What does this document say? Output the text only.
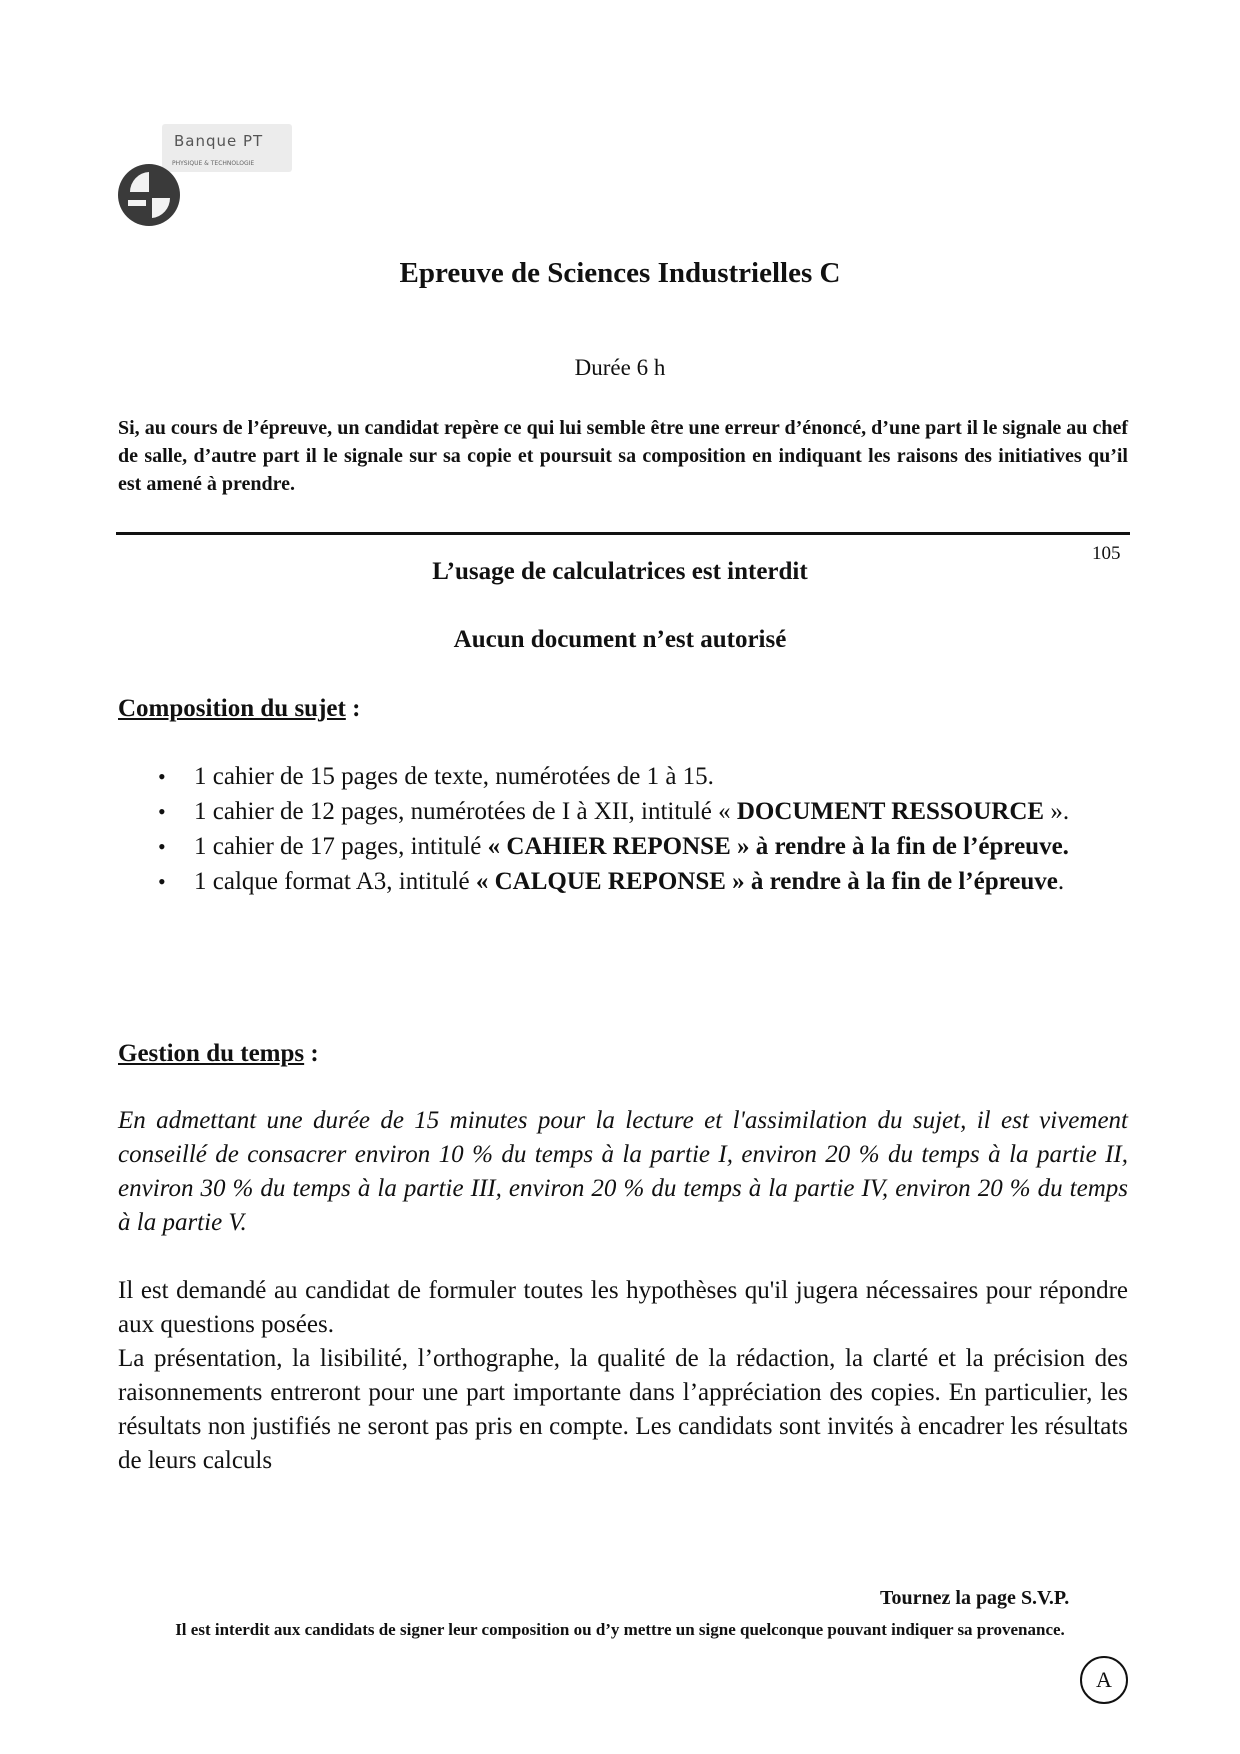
Banque PT
PHYSIQUE & TECHNOLOGIE
Epreuve de Sciences Industrielles C
Durée 6 h
Si, au cours de l’épreuve, un candidat repère ce qui lui semble être une erreur d’énoncé, d’une part il le signale au chef de salle, d’autre part il le signale sur sa copie et poursuit sa composition en indiquant les raisons des initiatives qu’il est amené à prendre.
105
L’usage de calculatrices est interdit
Aucun document n’est autorisé
Composition du sujet :
• 1 cahier de 15 pages de texte, numérotées de 1 à 15.
• 1 cahier de 12 pages, numérotées de I à XII, intitulé « DOCUMENT RESSOURCE ».
• 1 cahier de 17 pages, intitulé « CAHIER REPONSE » à rendre à la fin de l’épreuve.
• 1 calque format A3, intitulé « CALQUE REPONSE » à rendre à la fin de l’épreuve.
Gestion du temps :
En admettant une durée de 15 minutes pour la lecture et l'assimilation du sujet, il est vivement conseillé de consacrer environ 10 % du temps à la partie I, environ 20 % du temps à la partie II, environ 30 % du temps à la partie III, environ 20 % du temps à la partie IV, environ 20 % du temps à la partie V.
Il est demandé au candidat de formuler toutes les hypothèses qu'il jugera nécessaires pour répondre aux questions posées.
La présentation, la lisibilité, l’orthographe, la qualité de la rédaction, la clarté et la précision des raisonnements entreront pour une part importante dans l’appréciation des copies. En particulier, les résultats non justifiés ne seront pas pris en compte. Les candidats sont invités à encadrer les résultats de leurs calculs
Tournez la page S.V.P.
Il est interdit aux candidats de signer leur composition ou d’y mettre un signe quelconque pouvant indiquer sa provenance.
A
